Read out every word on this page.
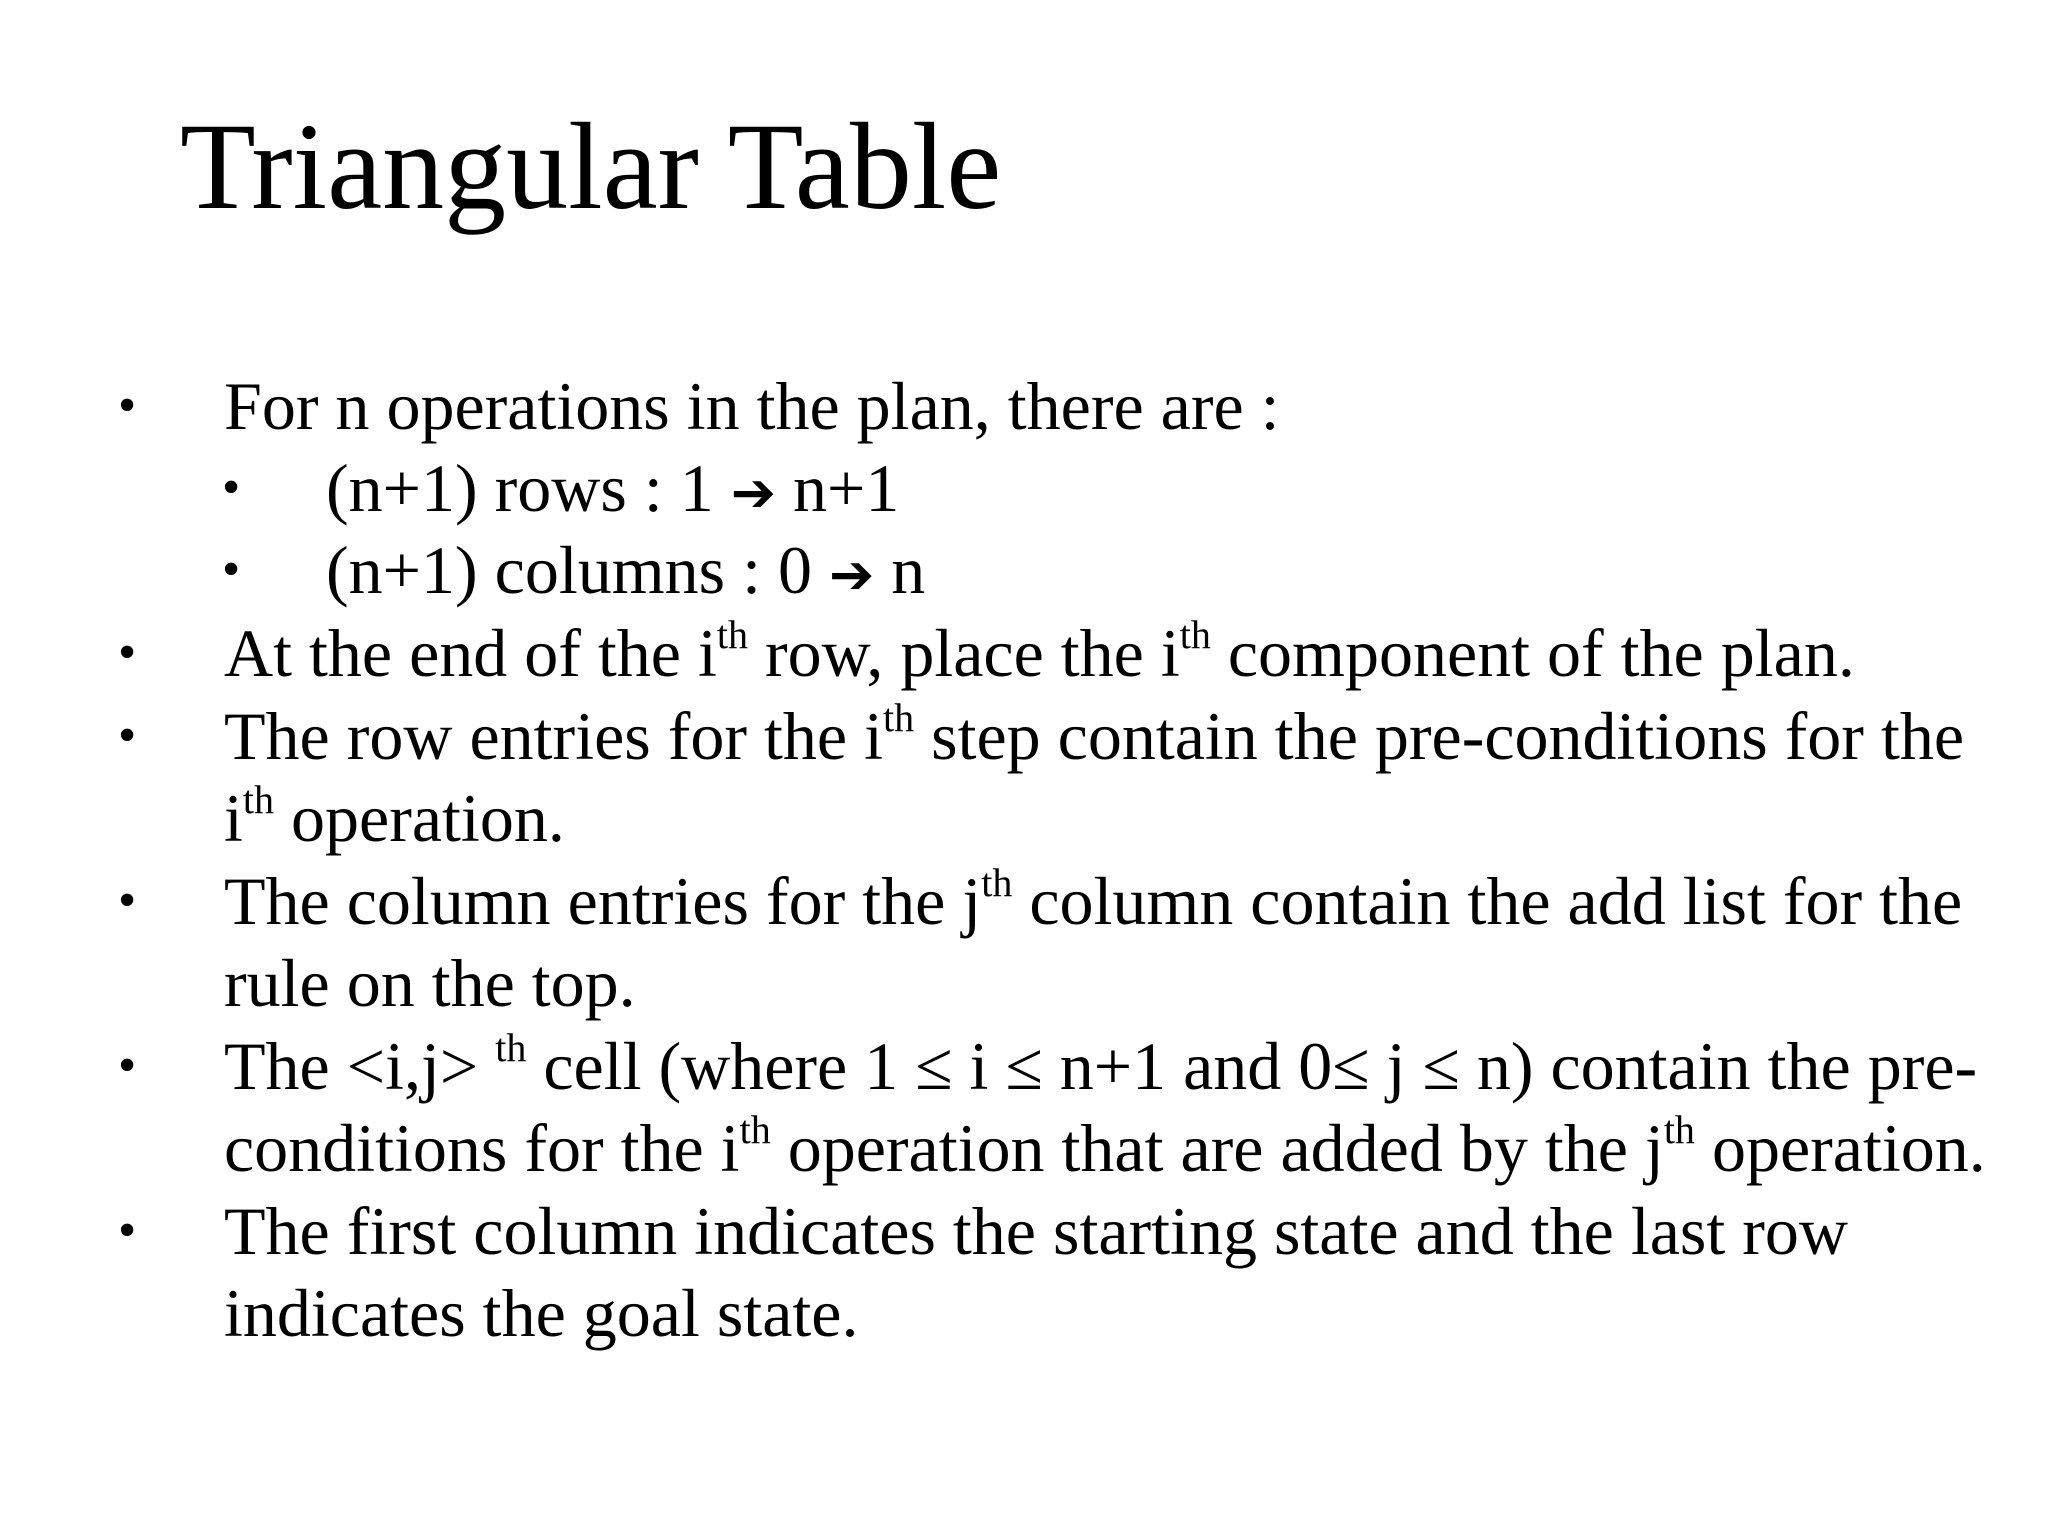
Triangular Table
• For n operations in the plan, there are :
• (n+1) rows : 1 ➔ n+1
• (n+1) columns : 0 ➔ n
• At the end of the $i^{th}$ row, place the $i^{th}$ component of the plan.
• The row entries for the $i^{th}$ step contain the pre-conditions for the
$i^{th}$ operation.
• The column entries for the $j^{th}$ column contain the add list for the
rule on the top.
• The <i,j> $^{th}$ cell (where 1 ≤ i ≤ n+1 and 0≤ j ≤ n) contain the pre-
conditions for the $i^{th}$ operation that are added by the $j^{th}$ operation.
• The first column indicates the starting state and the last row
indicates the goal state.
